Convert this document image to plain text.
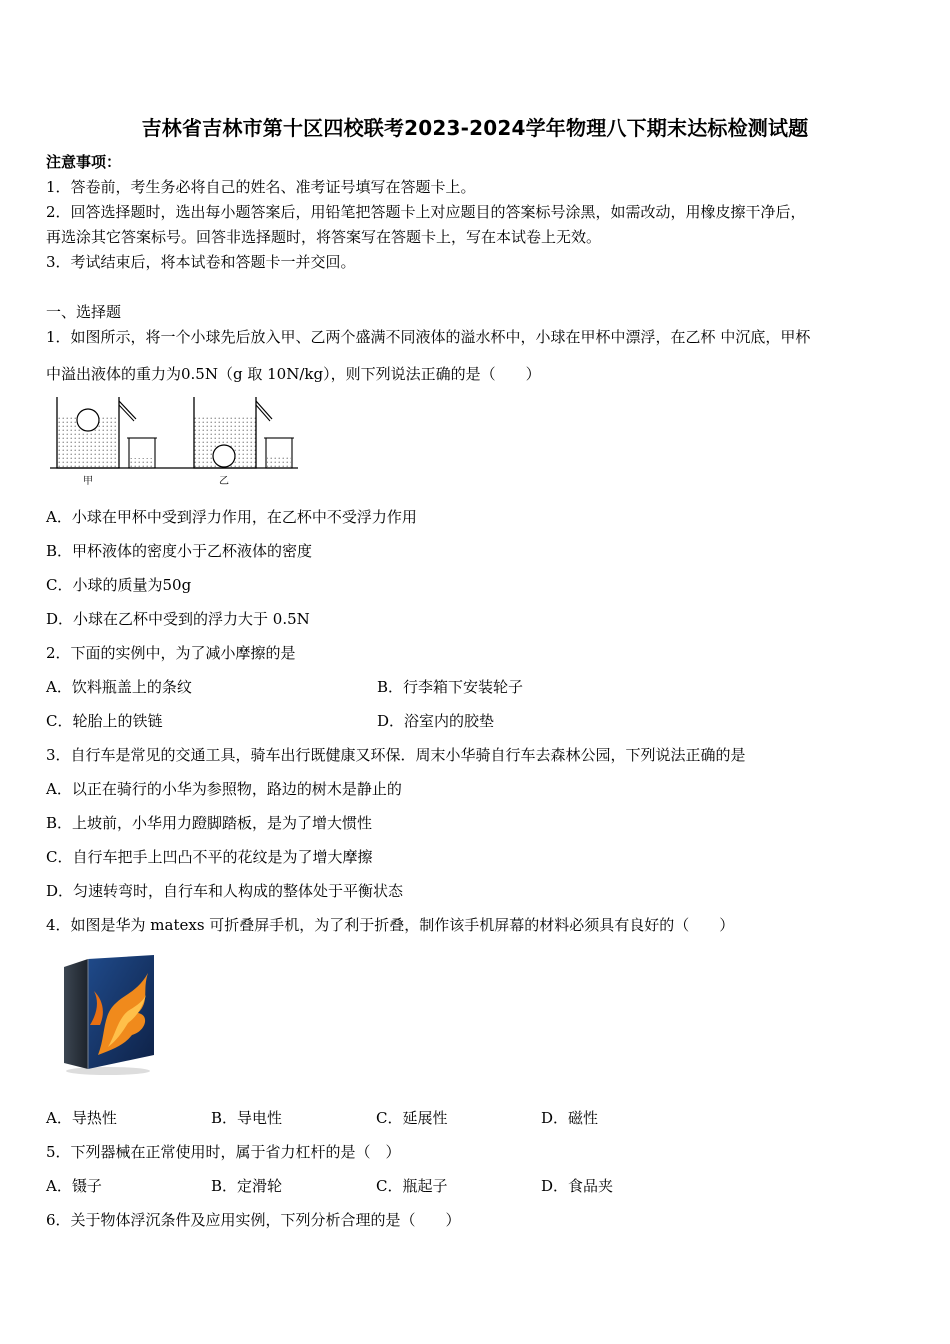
吉林省吉林市第十区四校联考2023-2024学年物理八下期末达标检测试题
注意事项：
1．答卷前，考生务必将自己的姓名、准考证号填写在答题卡上。
2．回答选择题时，选出每小题答案后，用铅笔把答题卡上对应题目的答案标号涂黑，如需改动，用橡皮擦干净后，
再选涂其它答案标号。回答非选择题时，将答案写在答题卡上，写在本试卷上无效。
3．考试结束后，将本试卷和答题卡一并交回。
一、选择题
1．如图所示，将一个小球先后放入甲、乙两个盛满不同液体的溢水杯中，小球在甲杯中漂浮，在乙杯 中沉底，甲杯
中溢出液体的重力为0.5N（g 取 10N/kg），则下列说法正确的是（　　）
甲	乙
A．小球在甲杯中受到浮力作用，在乙杯中不受浮力作用
B．甲杯液体的密度小于乙杯液体的密度
C．小球的质量为50g
D．小球在乙杯中受到的浮力大于 0.5N
2．下面的实例中，为了减小摩擦的是
A．饮料瓶盖上的条纹	B．行李箱下安装轮子
C．轮胎上的铁链	D．浴室内的胶垫
3．自行车是常见的交通工具，骑车出行既健康又环保．周末小华骑自行车去森林公园，下列说法正确的是
A．以正在骑行的小华为参照物，路边的树木是静止的
B．上坡前，小华用力蹬脚踏板，是为了增大惯性
C．自行车把手上凹凸不平的花纹是为了增大摩擦
D．匀速转弯时，自行车和人构成的整体处于平衡状态
4．如图是华为 matexs 可折叠屏手机，为了利于折叠，制作该手机屏幕的材料必须具有良好的（　　）
A．导热性	B．导电性	C．延展性	D．磁性
5．下列器械在正常使用时，属于省力杠杆的是（　）
A．镊子	B．定滑轮	C．瓶起子	D．食品夹
6．关于物体浮沉条件及应用实例，下列分析合理的是（　　）
